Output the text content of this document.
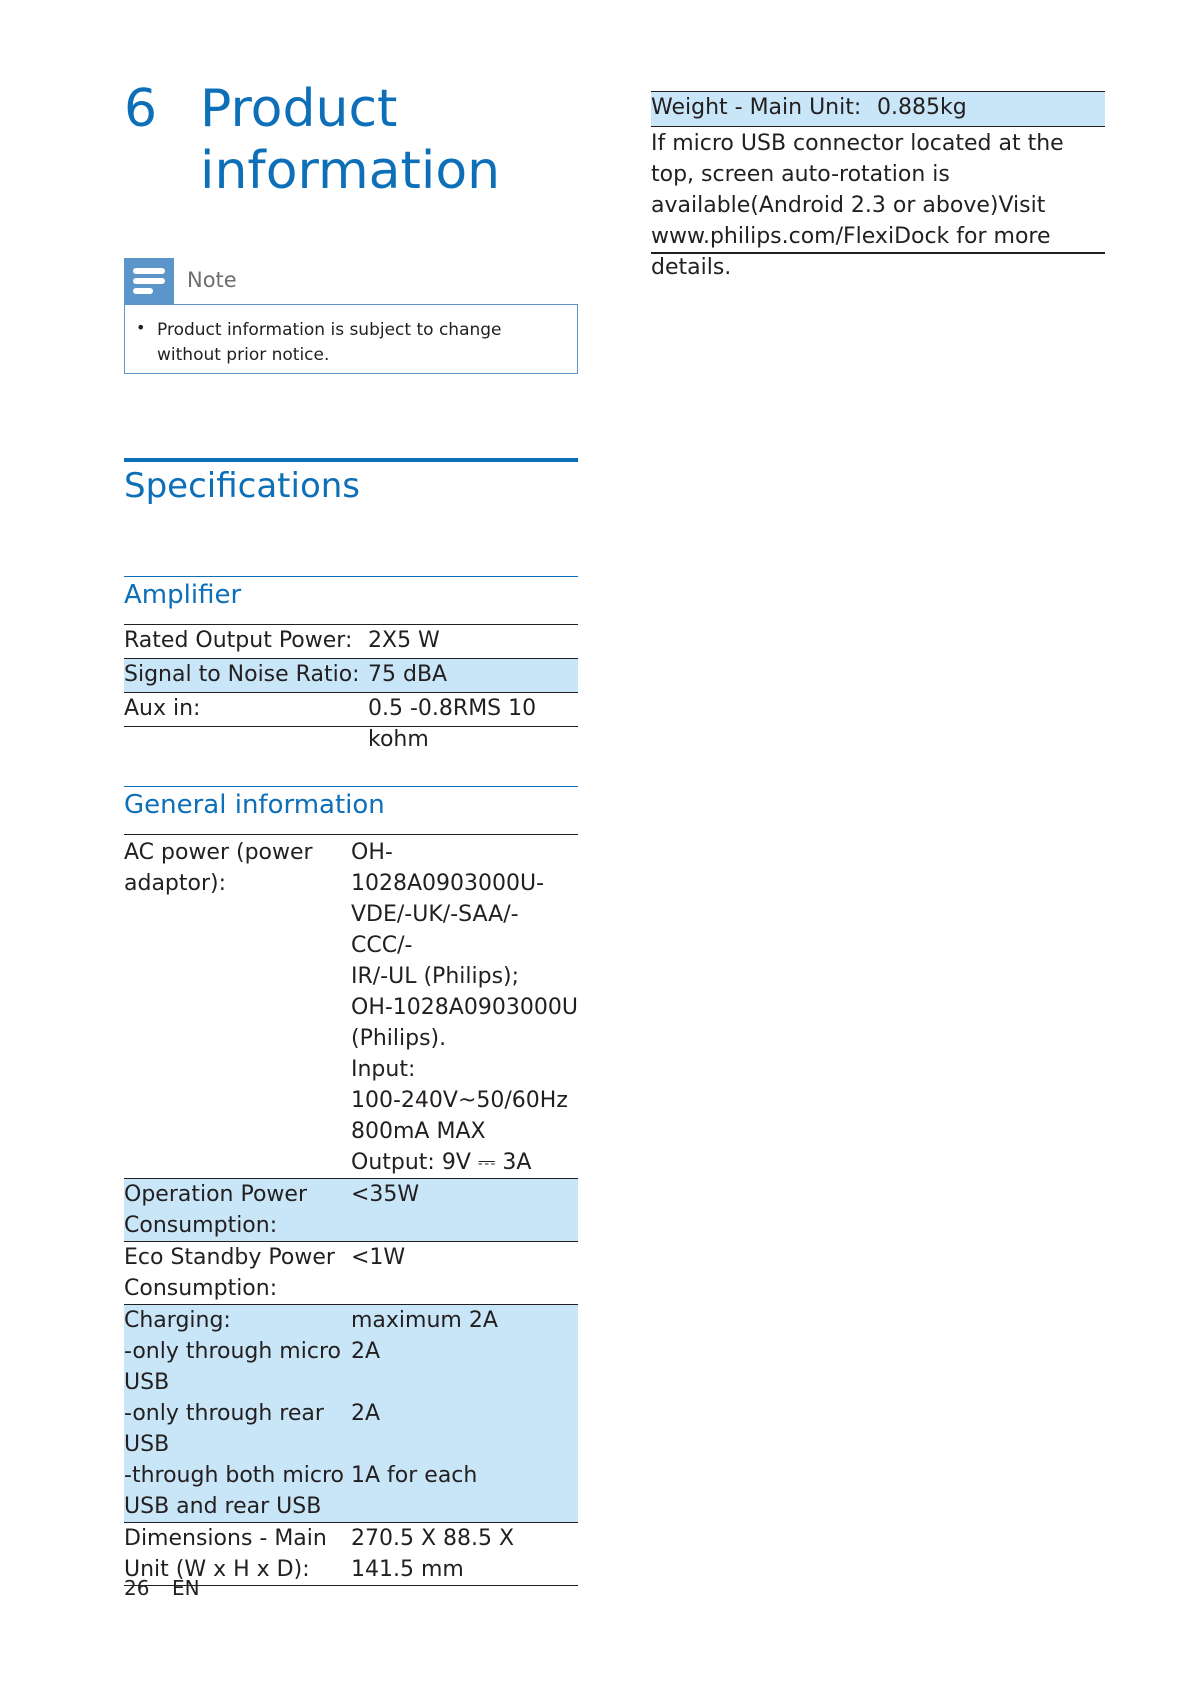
6 Product
information
Note
• Product information is subject to change without prior notice.
Specifications
Amplifier
Rated Output Power: 2X5 W
Signal to Noise Ratio: 75 dBA
Aux in:	0.5 -0.8RMS 10 kohm
General information
AC power (power
adaptor):
OH-1028A0903000U-
VDE/-UK/-SAA/-CCC/-
IR/-UL (Philips);
OH-1028A0903000U
(Philips).
Input:
100-240V~50/60Hz
800mA MAX
Output: 9V ⎓ 3A
Operation Power
Consumption:
<35W
Eco Standby Power
Consumption:
<1W
Charging:
-only through micro
USB
-only through rear
USB
-through both micro
USB and rear USB
maximum 2A
2A

2A

1A for each
Dimensions - Main
Unit (W x H x D):
270.5 X 88.5 X
141.5 mm
Weight - Main Unit: 0.885kg
If micro USB connector located at the top, screen auto-rotation is available(Android 2.3 or above)Visit www.philips.com/FlexiDock for more details.
26 EN
